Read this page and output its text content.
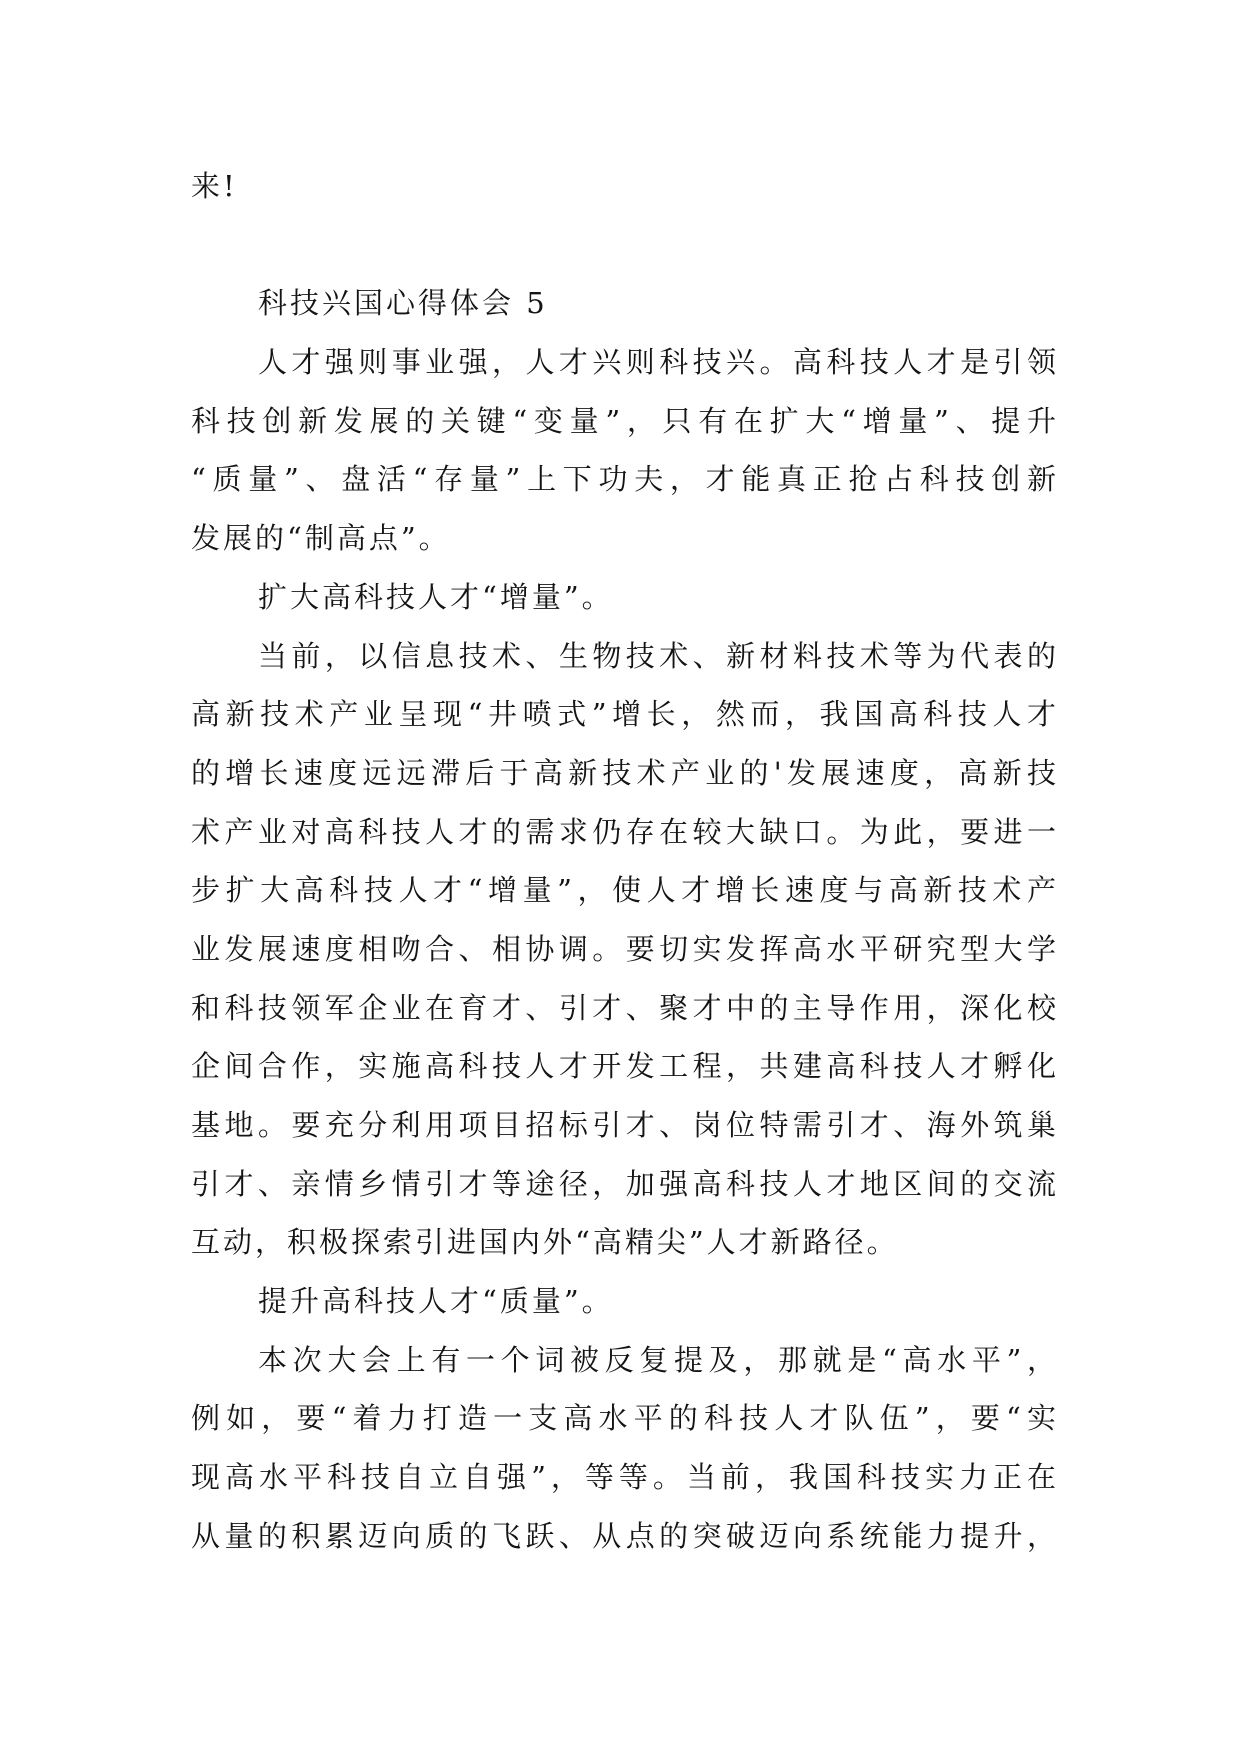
来!
科技兴国心得体会 5
人才强则事业强，人才兴则科技兴。高科技人才是引领
科技创新发展的关键“变量”，只有在扩大“增量”、提升
“质量”、盘活“存量”上下功夫，才能真正抢占科技创新
发展的“制高点”。
扩大高科技人才“增量”。
当前，以信息技术、生物技术、新材料技术等为代表的
高新技术产业呈现“井喷式”增长，然而，我国高科技人才
的增长速度远远滞后于高新技术产业的'发展速度，高新技
术产业对高科技人才的需求仍存在较大缺口。为此，要进一
步扩大高科技人才“增量”，使人才增长速度与高新技术产
业发展速度相吻合、相协调。要切实发挥高水平研究型大学
和科技领军企业在育才、引才、聚才中的主导作用，深化校
企间合作，实施高科技人才开发工程，共建高科技人才孵化
基地。要充分利用项目招标引才、岗位特需引才、海外筑巢
引才、亲情乡情引才等途径，加强高科技人才地区间的交流
互动，积极探索引进国内外“高精尖”人才新路径。
提升高科技人才“质量”。
本次大会上有一个词被反复提及，那就是“高水平”，
例如，要“着力打造一支高水平的科技人才队伍”，要“实
现高水平科技自立自强”，等等。当前，我国科技实力正在
从量的积累迈向质的飞跃、从点的突破迈向系统能力提升，
